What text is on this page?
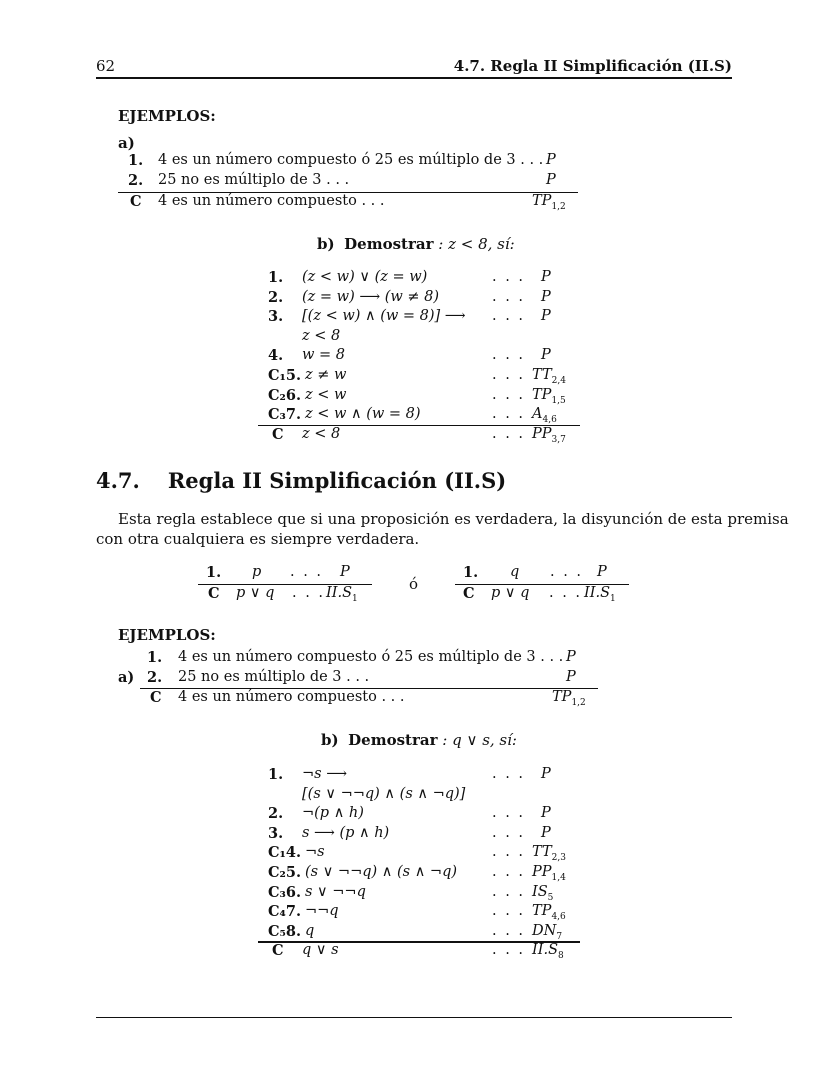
62	4.7. Regla II Simplificación (II.S)
EJEMPLOS:
a)
1. 4 es un número compuesto ó 25 es múltiplo de 3 . . . P
2. 25 no es múltiplo de 3 . . .	P
C 4 es un número compuesto . . .	$TP_{1,2}$
b) Demostrar : z < 8, sí:
1. (z < w) ∨ (z = w)	. . . P
2. (z = w) ⟶ (w ≠ 8)	. . . P
3. [(z < w) ∧ (w = 8)] ⟶ . . . P
z < 8
4. w = 8	. . . P
C₁5. z ≠ w	. . . $TT_{2,4}$
C₂6. z < w	. . . $TP_{1,5}$
C₃7. z < w ∧ (w = 8)	. . . $A_{4,6}$
C z < 8	. . . $PP_{3,7}$
4.7. Regla II Simplificación (II.S)
Esta regla establece que si una proposición es verdadera, la disyunción de esta premisa
con otra cualquiera es siempre verdadera.
1. p . . . P
C p ∨ q . . . $II.S_1$
ó
1. q . . . P
C p ∨ q . . . $II.S_1$
EJEMPLOS:
1. 4 es un número compuesto ó 25 es múltiplo de 3 . . . P
a) 2. 25 no es múltiplo de 3 . . .	P
C 4 es un número compuesto . . .	$TP_{1,2}$
b) Demostrar : q ∨ s, sí:
1. ¬s ⟶	. . . P
[(s ∨ ¬¬q) ∧ (s ∧ ¬q)]
2. ¬(p ∧ h)	. . . P
3. s ⟶ (p ∧ h)	. . . P
C₁4. ¬s	. . . $TT_{2,3}$
C₂5. (s ∨ ¬¬q) ∧ (s ∧ ¬q) . . . $PP_{1,4}$
C₃6. s ∨ ¬¬q	. . . $IS_5$
C₄7. ¬¬q	. . . $TP_{4,6}$
C₅8. q	. . . $DN_7$
C q ∨ s	. . . $II.S_8$
